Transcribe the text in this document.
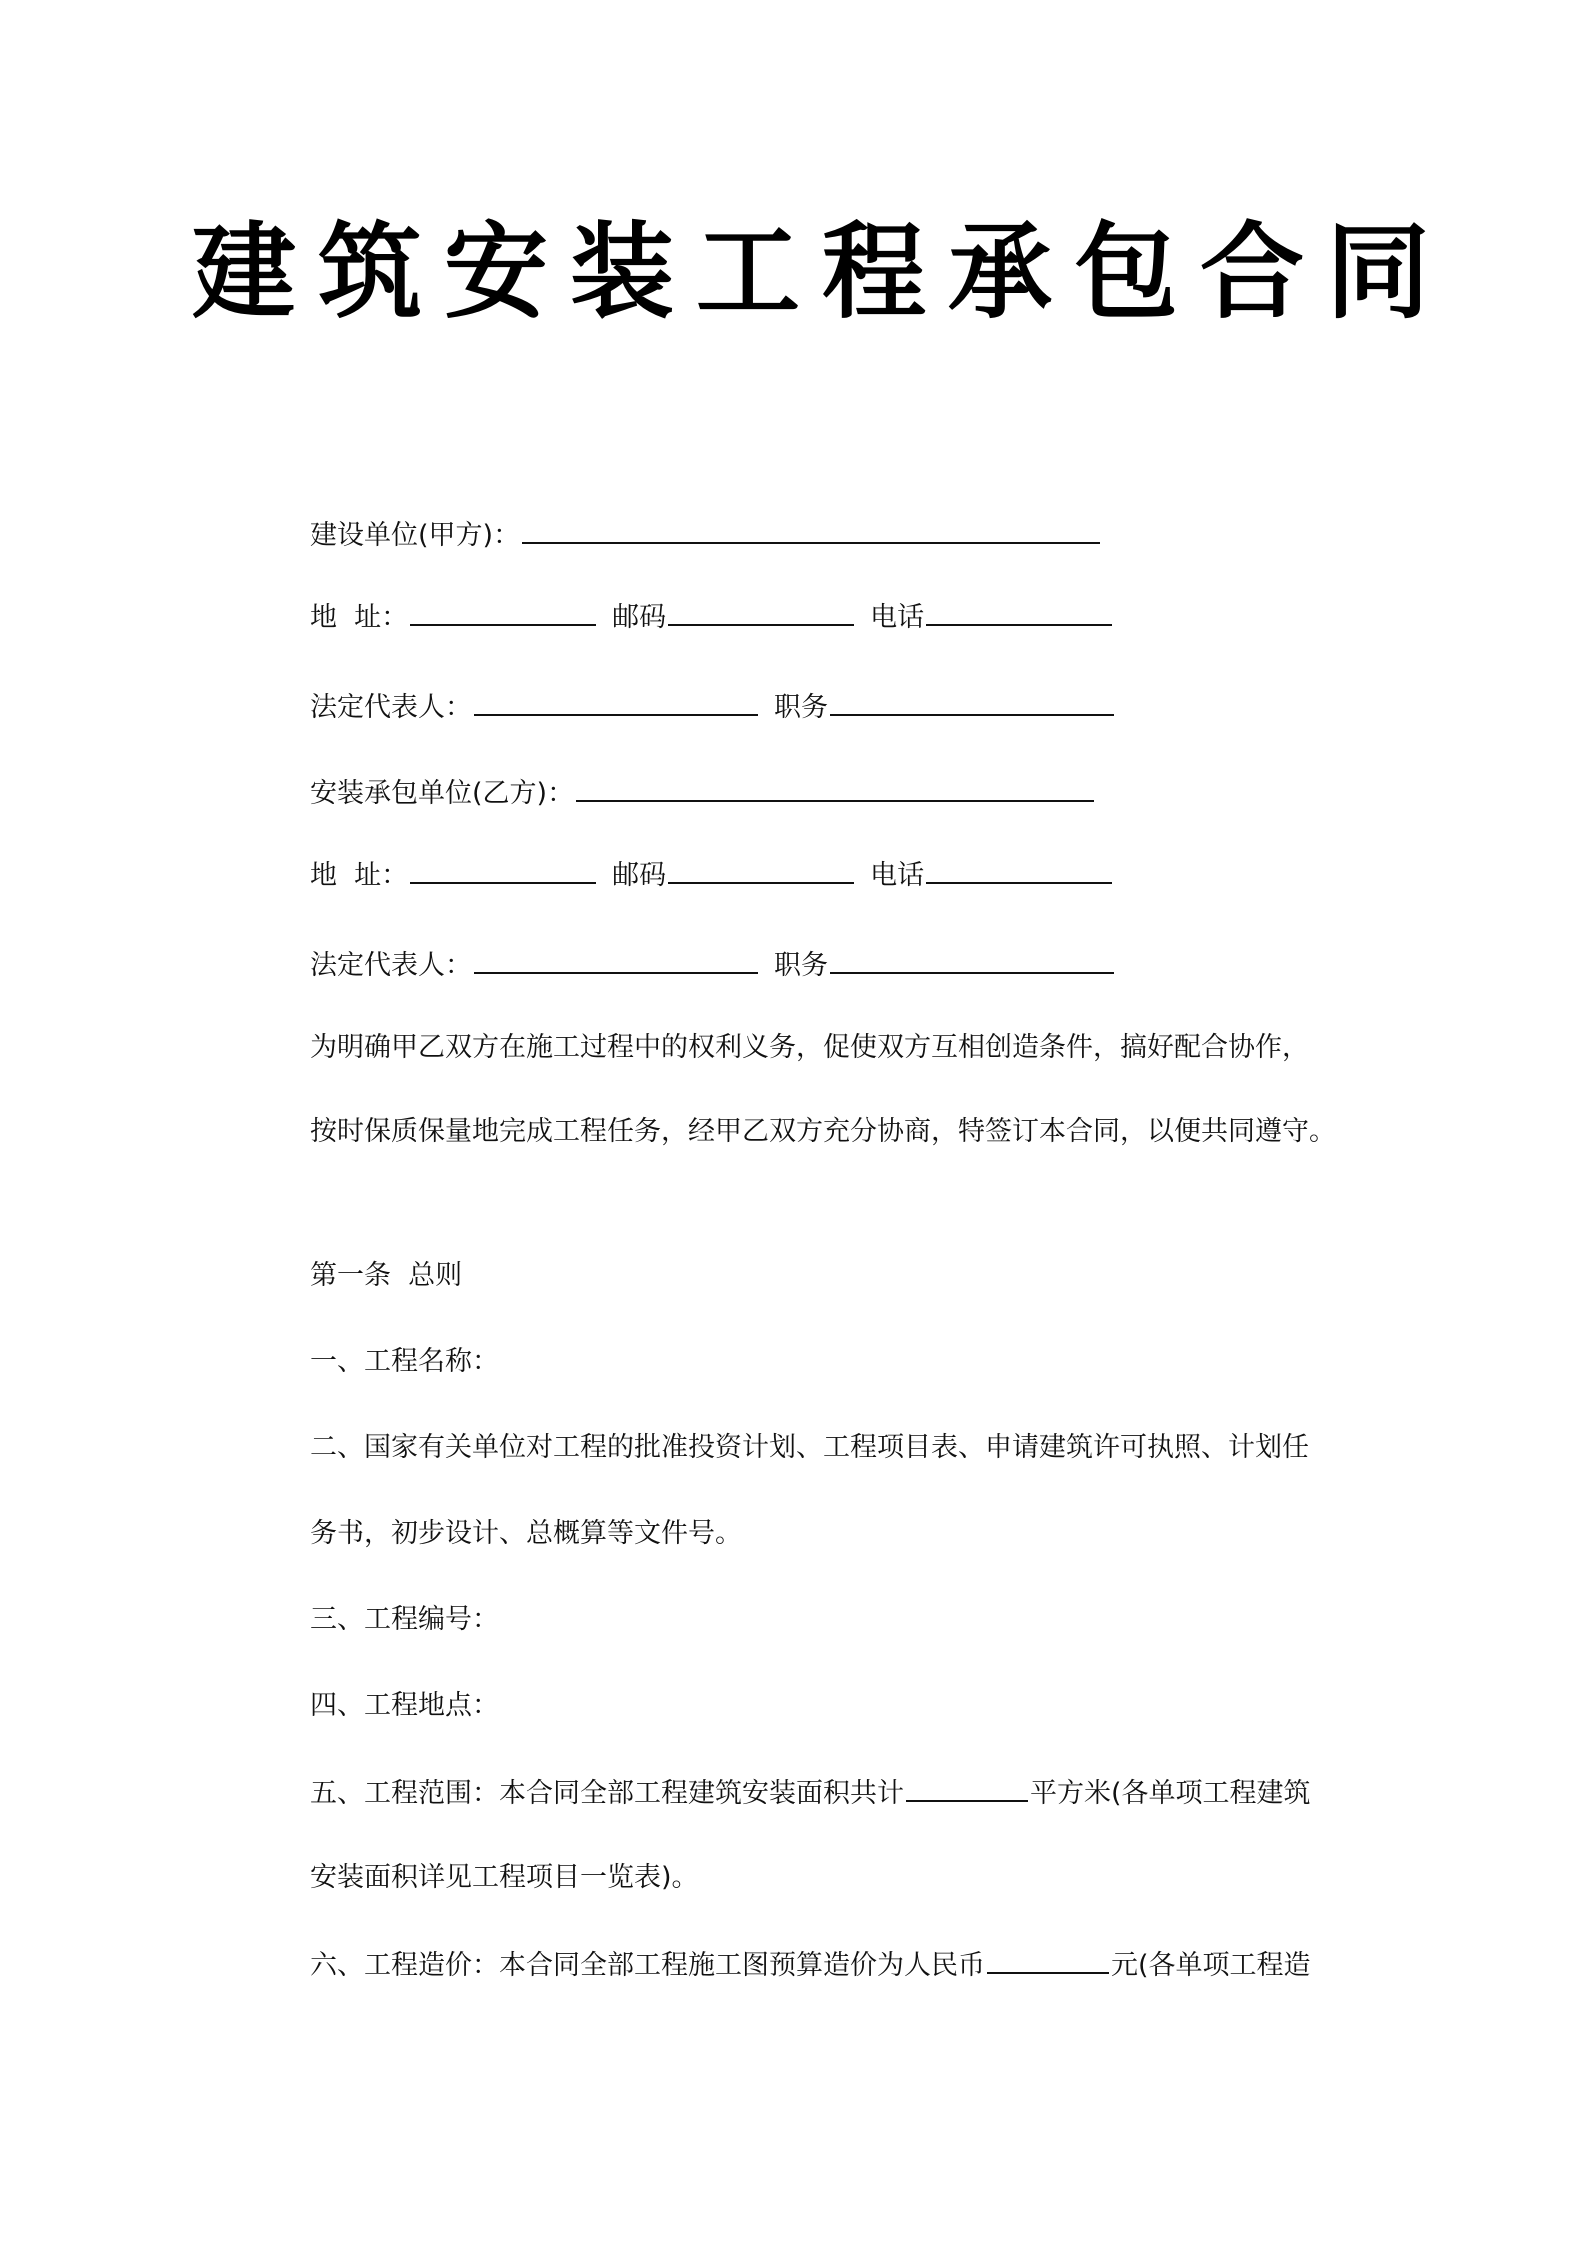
建筑安装工程承包合同
建设单位(甲方)：
地  址：	邮码	电话
法定代表人：	职务
安装承包单位(乙方)：
地  址：	邮码	电话
法定代表人：	职务
为明确甲乙双方在施工过程中的权利义务，促使双方互相创造条件，搞好配合协作，
按时保质保量地完成工程任务，经甲乙双方充分协商，特签订本合同，以便共同遵守。
第一条  总则
一、工程名称：
二、国家有关单位对工程的批准投资计划、工程项目表、申请建筑许可执照、计划任
务书，初步设计、总概算等文件号。
三、工程编号：
四、工程地点：
五、工程范围：本合同全部工程建筑安装面积共计	平方米(各单项工程建筑
安装面积详见工程项目一览表)。
六、工程造价：本合同全部工程施工图预算造价为人民币	元(各单项工程造
